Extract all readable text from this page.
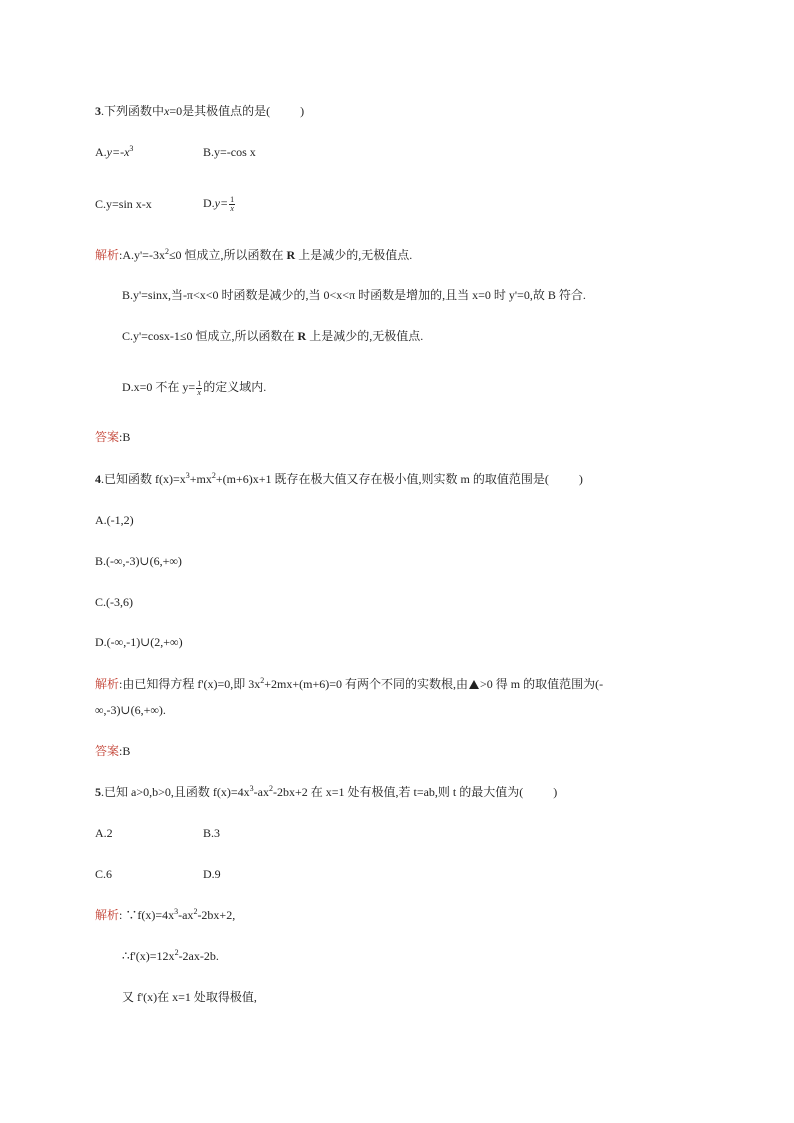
3.下列函数中x=0是其极值点的是(	)
$A.y=-x^3$	B.y=-cos x
C.y=sin x-x	$D.y= \frac{1}{x}$
解析$:A.y'=-3x^2\le 0$ 恒成立,所以函数在 R 上是减少的,无极值点.
B.y'=sinx,当-π<x<0 时函数是减少的,当 0<x<π 时函数是增加的,且当 x=0 时 y'=0,故 B 符合.
C.y'=cosx-1≤0 恒成立,所以函数在 R 上是减少的,无极值点.
D.x=0 不在 $y= \frac{1}{x}$ 的定义域内.
答案:B
4.已知函数 $f(x)=x^3+mx^2+(m+6)x+1$ 既存在极大值又存在极小值,则实数 m 的取值范围是(	)
A.(-1,2)
B.(-∞,-3)∪(6,+∞)
C.(-3,6)
D.(-∞,-1)∪(2,+∞)
解析:由已知得方程 f'(x)=0,即 $3x^2+2mx+(m+6)=0$ 有两个不同的实数根,由 >0 得 m 的取值范围为(-
∞,-3)∪(6,+∞).
答案:B
5.已知 a>0,b>0,且函数 $f(x)=4x^3-ax^2-2bx+2$ 在 x=1 处有极值,若 t=ab,则 t 的最大值为(	)
A.2	B.3
C.6	D.9
解析: $\because f(x)=4x^3-ax^2-2bx+2$,
$\therefore f'(x)=12x^2-2ax-2b$.
又 f'(x)在 x=1 处取得极值,
